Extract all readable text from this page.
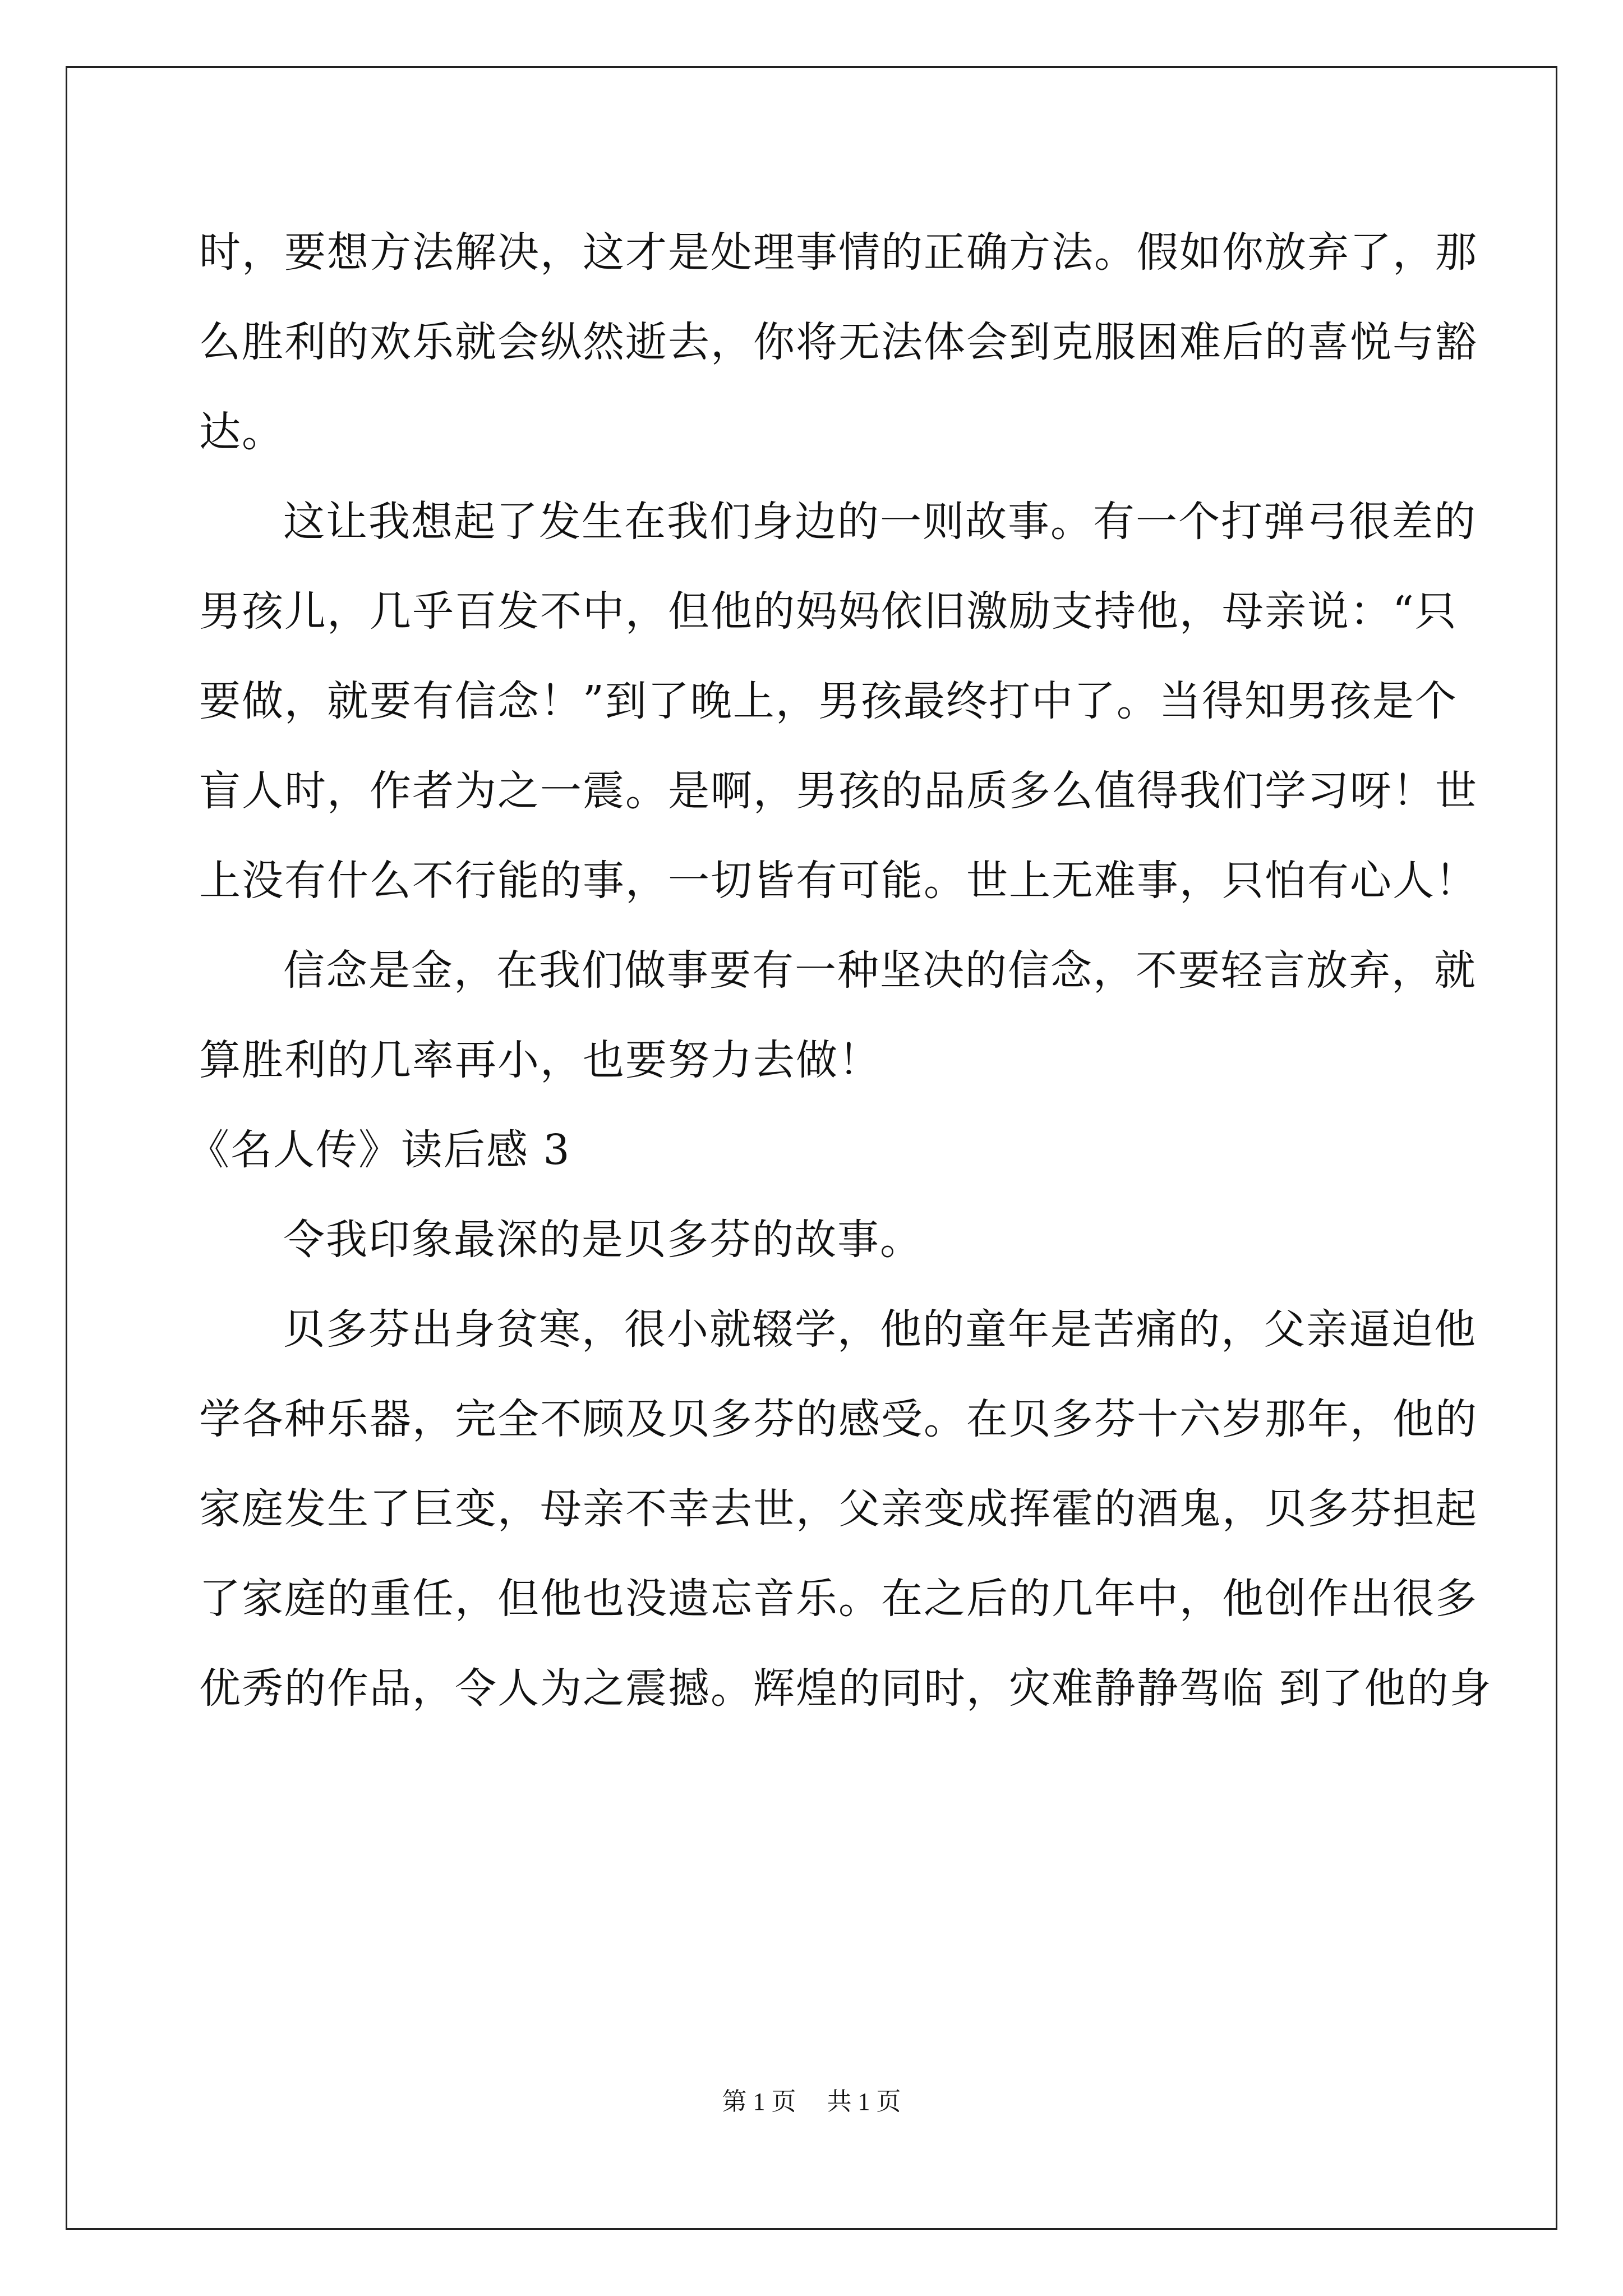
时，要想方法解决，这才是处理事情的正确方法。假如你放弃了，那
么胜利的欢乐就会纵然逝去，你将无法体会到克服困难后的喜悦与豁
达。
这让我想起了发生在我们身边的一则故事。有一个打弹弓很差的
男孩儿，几乎百发不中，但他的妈妈依旧激励支持他，母亲说：“只
要做，就要有信念！”到了晚上，男孩最终打中了。当得知男孩是个
盲人时，作者为之一震。是啊，男孩的品质多么值得我们学习呀！世
上没有什么不行能的事，一切皆有可能。世上无难事，只怕有心人！
信念是金，在我们做事要有一种坚决的信念，不要轻言放弃，就
算胜利的几率再小，也要努力去做！
《名人传》读后感 3
令我印象最深的是贝多芬的故事。
贝多芬出身贫寒，很小就辍学，他的童年是苦痛的，父亲逼迫他
学各种乐器，完全不顾及贝多芬的感受。在贝多芬十六岁那年，他的
家庭发生了巨变，母亲不幸去世，父亲变成挥霍的酒鬼，贝多芬担起
了家庭的重任，但他也没遗忘音乐。在之后的几年中，他创作出很多
优秀的作品，令人为之震撼。辉煌的同时，灾难静静驾临 到了他的身
第 1 页 共 1 页
